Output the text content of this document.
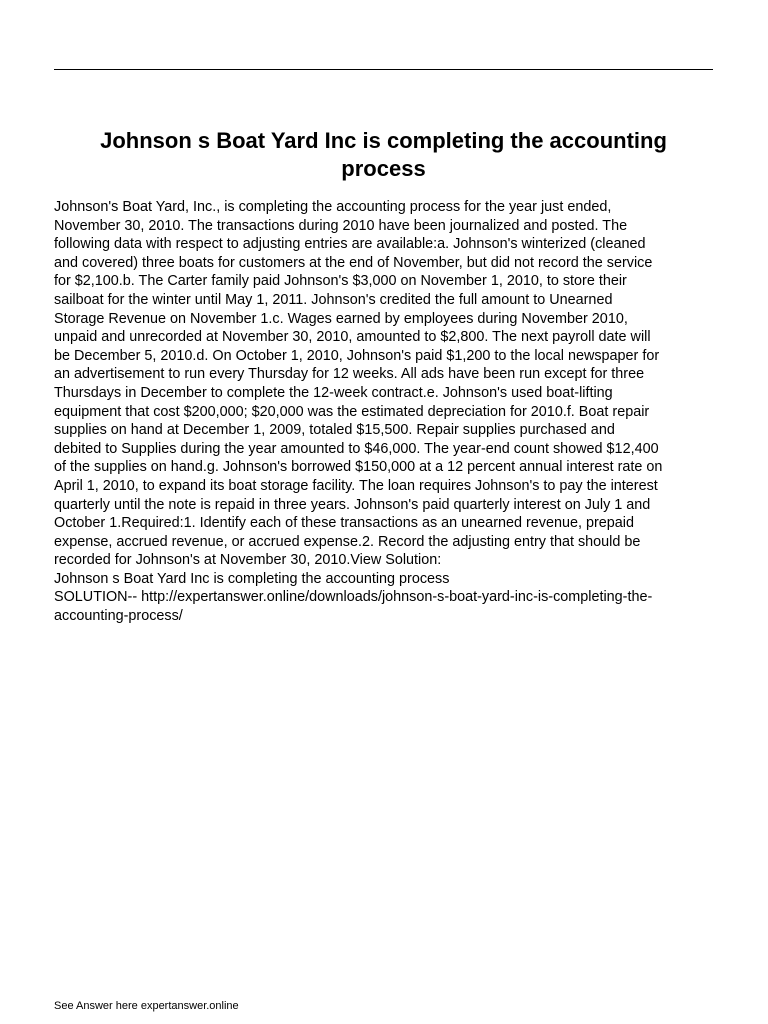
Johnson s Boat Yard Inc is completing the accounting
process
Johnson's Boat Yard, Inc., is completing the accounting process for the year just ended,
November 30, 2010. The transactions during 2010 have been journalized and posted. The
following data with respect to adjusting entries are available:a. Johnson's winterized (cleaned
and covered) three boats for customers at the end of November, but did not record the service
for $2,100.b. The Carter family paid Johnson's $3,000 on November 1, 2010, to store their
sailboat for the winter until May 1, 2011. Johnson's credited the full amount to Unearned
Storage Revenue on November 1.c. Wages earned by employees during November 2010,
unpaid and unrecorded at November 30, 2010, amounted to $2,800. The next payroll date will
be December 5, 2010.d. On October 1, 2010, Johnson's paid $1,200 to the local newspaper for
an advertisement to run every Thursday for 12 weeks. All ads have been run except for three
Thursdays in December to complete the 12-week contract.e. Johnson's used boat-lifting
equipment that cost $200,000; $20,000 was the estimated depreciation for 2010.f. Boat repair
supplies on hand at December 1, 2009, totaled $15,500. Repair supplies purchased and
debited to Supplies during the year amounted to $46,000. The year-end count showed $12,400
of the supplies on hand.g. Johnson's borrowed $150,000 at a 12 percent annual interest rate on
April 1, 2010, to expand its boat storage facility. The loan requires Johnson's to pay the interest
quarterly until the note is repaid in three years. Johnson's paid quarterly interest on July 1 and
October 1.Required:1. Identify each of these transactions as an unearned revenue, prepaid
expense, accrued revenue, or accrued expense.2. Record the adjusting entry that should be
recorded for Johnson's at November 30, 2010.View Solution:
Johnson s Boat Yard Inc is completing the accounting process
SOLUTION-- http://expertanswer.online/downloads/johnson-s-boat-yard-inc-is-completing-the-
accounting-process/
See Answer here expertanswer.online
